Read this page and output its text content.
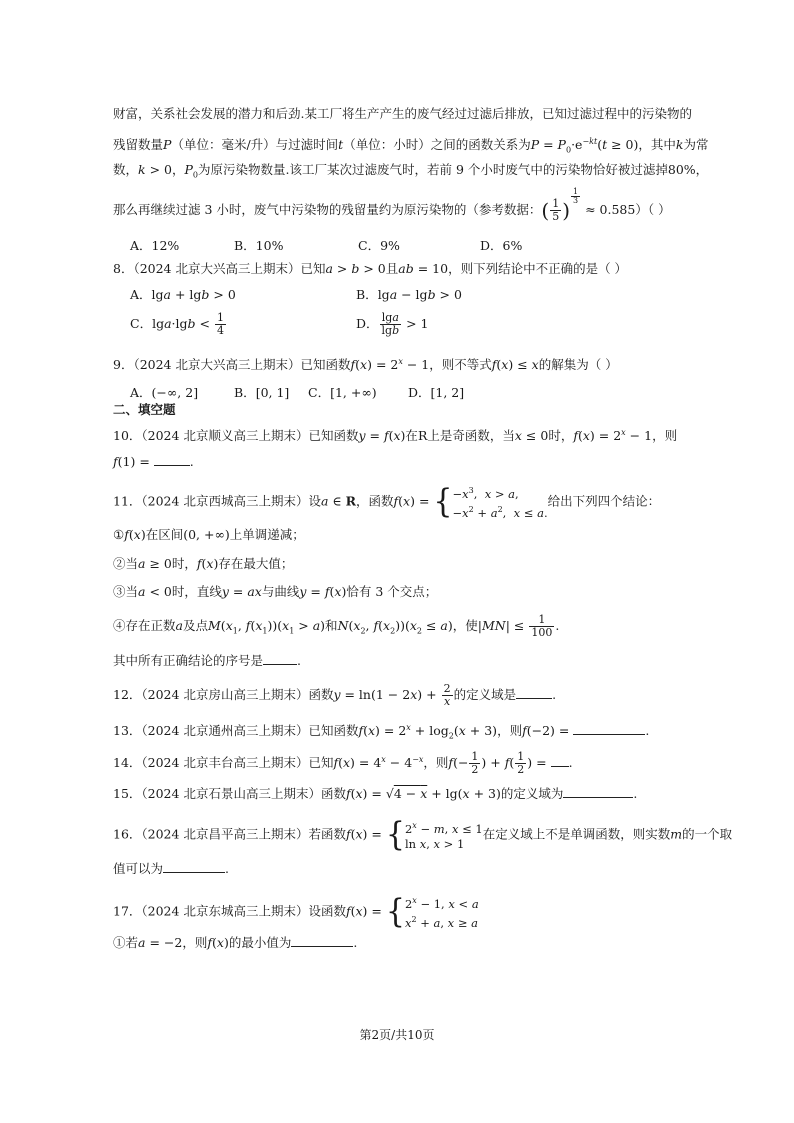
财富，关系社会发展的潜力和后劲.某工厂将生产产生的废气经过过滤后排放，已知过滤过程中的污染物的
残留数量P（单位：毫米/升）与过滤时间t（单位：小时）之间的函数关系为$P = P_0\cdot e^{-kt}(t \ge 0)$，其中k为常
数，k > 0，$P_0$为原污染物数量.该工厂某次过滤废气时，若前 9 个小时废气中的污染物恰好被过滤掉80%，
那么再继续过滤 3 小时，废气中污染物的残留量约为原污染物的（参考数据：( $\frac{1}{5}$ )
$^{\frac{1}{3}}$
≈ 0.585）（ ）
A．12%	B．10%	C．9%	D．6%
8．（2024 北京大兴高三上期末）已知a > b > 0且ab = 10，则下列结论中不正确的是（ ）
A．lga + lgb > 0	B．lga − lgb > 0
C．$\lg a\cdot\lg b < \frac{1}{4}$	D． $\frac{\lg a}{\lg b} > 1$
9．（2024 北京大兴高三上期末）已知函数$f(x) = 2^x - 1$，则不等式f(x) ≤ x的解集为（ ）
A．(−∞, 2]	B．[0, 1] C．[1, +∞)	D．[1, 2]
二、填空题
10．（2024 北京顺义高三上期末）已知函数y = f(x)在R上是奇函数，当x ≤ 0时，$f(x) = 2^x - 1$，则
f(1) =	.
11．（2024 北京西城高三上期末）设a ∈ R，函数f(x) = { $-x^3$,  x > a,
$-x^2 + a^2$,  x ≤ a.
给出下列四个结论：
①f(x)在区间(0, +∞)上单调递减；
②当a ≥ 0时，f(x)存在最大值；
③当a < 0时，直线y = ax与曲线y = f(x)恰有 3 个交点；
④存在正数a及点$M(x_1$, $f(x_1))(x_1 > a)$和$N(x_2$, $f(x_2))(x_2 \le a)$，使$|MN| \le \frac{1}{100}$ .
其中所有正确结论的序号是	.
12．（2024 北京房山高三上期末）函数$y = \ln(1 - 2x) + \frac{2}{x}$ 的定义域是	.
13．（2024 北京通州高三上期末）已知函数$f(x) = 2^x + \log_2(x + 3)$，则f(−2) =	.
14．（2024 北京丰台高三上期末）已知$f(x) = 4^x - 4^{-x}$，则$f(- \frac{1}{2}$ ) + $f( \frac{1}{2}$ ) = .
15．（2024 北京石景山高三上期末）函数f(x) = √4 − x + lg(x + 3)的定义域为	.
16．（2024 北京昌平高三上期末）若函数f(x) = { $2^x - m$, x ≤ 1
ln x, x > 1
在定义域上不是单调函数，则实数m的一个取
值可以为	.
17．（2024 北京东城高三上期末）设函数f(x) = { $2^x - 1$, x < a
$x^2 + a$, x ≥ a
①若a = −2，则f(x)的最小值为	.
第2页/共10页
